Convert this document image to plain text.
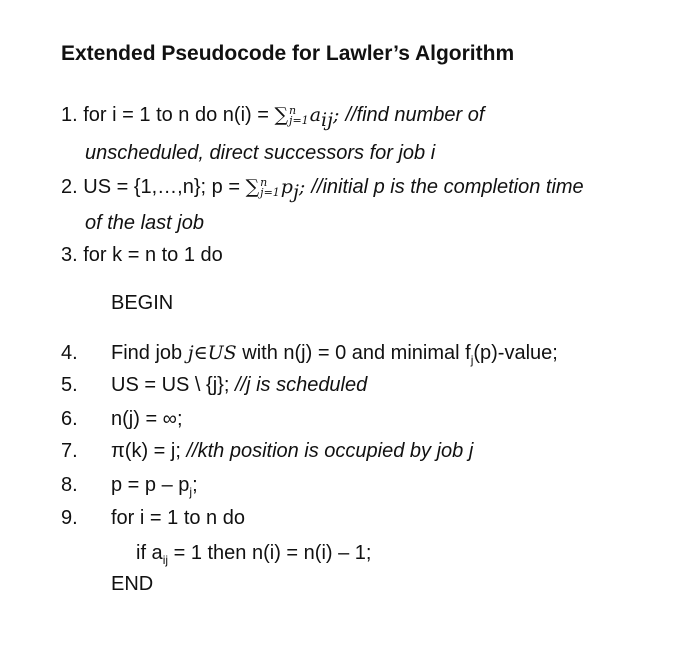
Extended Pseudocode for Lawler’s Algorithm
1. for i = 1 to n do n(i) = ∑ n
j=1 $a_{ij}$; //find number of
unscheduled, direct successors for job i
2. US = {1,…,n}; p = ∑ n
j=1 $p_j$; //initial p is the completion time
of the last job
3. for k = n to 1 do
BEGIN
4. Find job j∈US with n(j) = 0 and minimal $f_j(p)$-value;
5. US = US \ {j}; //j is scheduled
6. n(j) = ∞;
7. π(k) = j; //kth position is occupied by job j
8. $p = p - p_j$;
9. for i = 1 to n do
if $a_{ij} = 1$ then n(i) = n(i) – 1;
END
